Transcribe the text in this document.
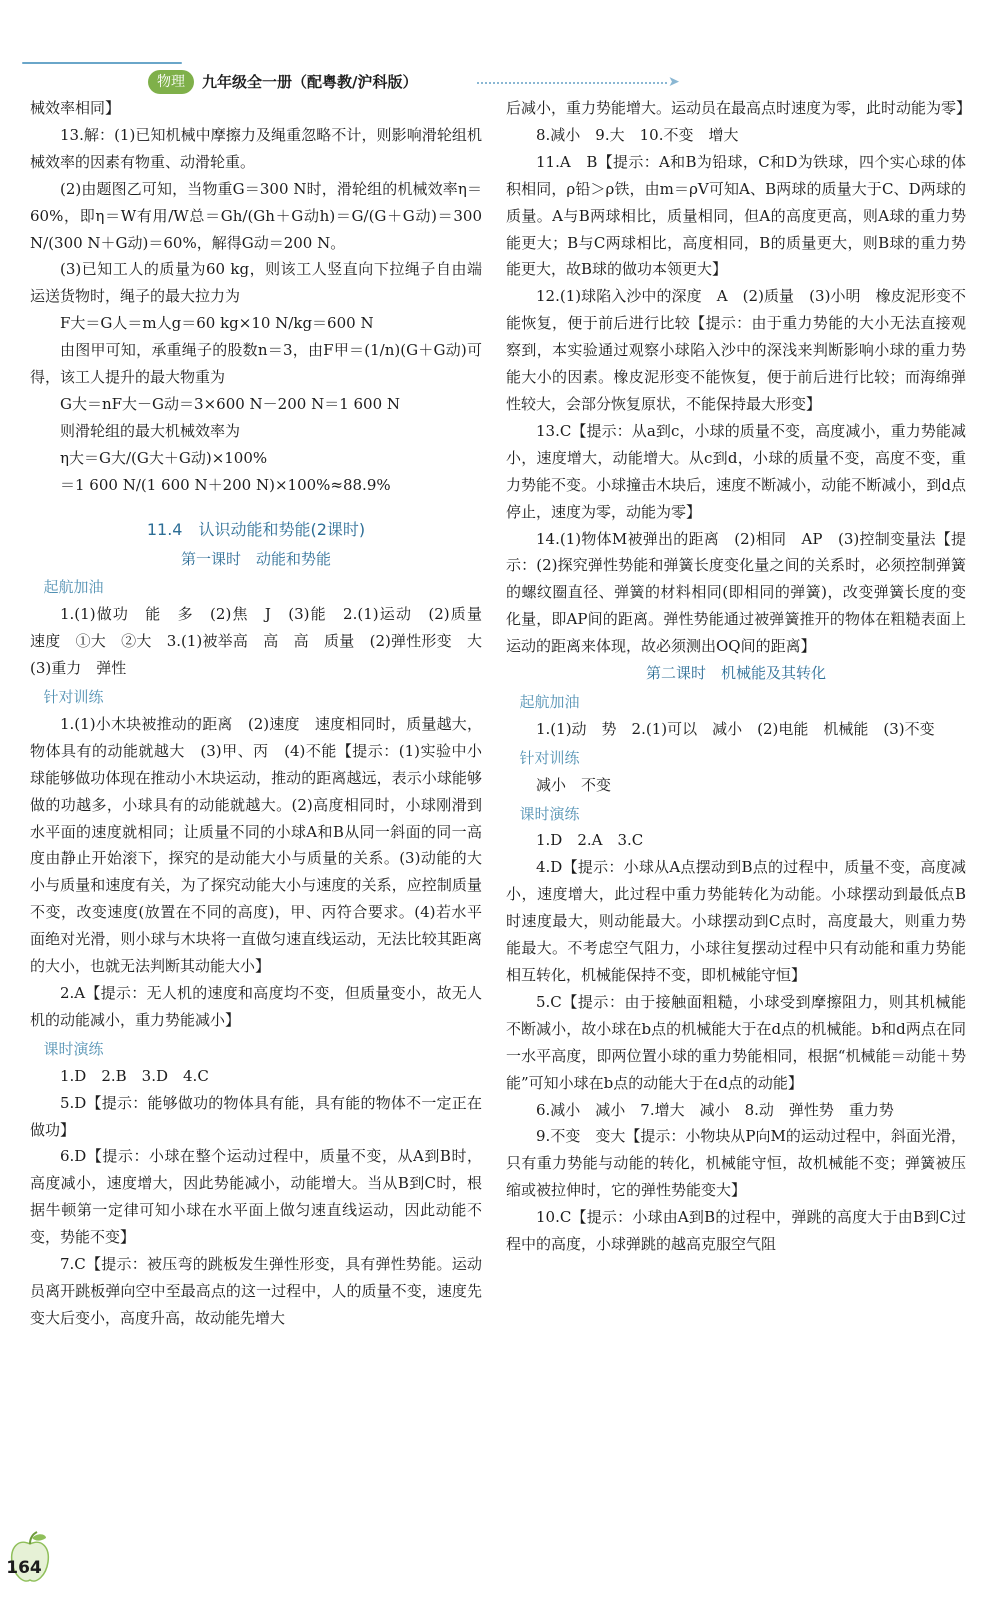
物理	九年级全一册（配粤教/沪科版）	➤

械效率相同】

13.解：(1)已知机械中摩擦力及绳重忽略不计，则影响滑轮组机械效率的因素有物重、动滑轮重。

(2)由题图乙可知，当物重G＝300 N时，滑轮组的机械效率η＝60%，即η＝W有用/W总＝Gh/(Gh＋G动h)＝G/(G＋G动)＝300 N/(300 N＋G动)＝60%，解得G动＝200 N。

(3)已知工人的质量为60 kg，则该工人竖直向下拉绳子自由端运送货物时，绳子的最大拉力为

F大＝G人＝m人g＝60 kg×10 N/kg＝600 N

由图甲可知，承重绳子的股数n＝3，由F甲＝(1/n)(G＋G动)可得，该工人提升的最大物重为

G大＝nF大－G动＝3×600 N－200 N＝1 600 N

则滑轮组的最大机械效率为

η大＝G大/(G大＋G动)×100%

＝1 600 N/(1 600 N＋200 N)×100%≈88.9%

11.4　认识动能和势能(2课时)
第一课时　动能和势能
起航加油

1.(1)做功　能　多　(2)焦　J　(3)能　2.(1)运动　(2)质量　速度　①大　②大　3.(1)被举高　高　高　质量　(2)弹性形变　大　(3)重力　弹性

针对训练

1.(1)小木块被推动的距离　(2)速度　速度相同时，质量越大，物体具有的动能就越大　(3)甲、丙　(4)不能【提示：(1)实验中小球能够做功体现在推动小木块运动，推动的距离越远，表示小球能够做的功越多，小球具有的动能就越大。(2)高度相同时，小球刚滑到水平面的速度就相同；让质量不同的小球A和B从同一斜面的同一高度由静止开始滚下，探究的是动能大小与质量的关系。(3)动能的大小与质量和速度有关，为了探究动能大小与速度的关系，应控制质量不变，改变速度(放置在不同的高度)，甲、丙符合要求。(4)若水平面绝对光滑，则小球与木块将一直做匀速直线运动，无法比较其距离的大小，也就无法判断其动能大小】

2.A【提示：无人机的速度和高度均不变，但质量变小，故无人机的动能减小，重力势能减小】

课时演练

1.D　2.B　3.D　4.C

5.D【提示：能够做功的物体具有能，具有能的物体不一定正在做功】

6.D【提示：小球在整个运动过程中，质量不变，从A到B时，高度减小，速度增大，因此势能减小，动能增大。当从B到C时，根据牛顿第一定律可知小球在水平面上做匀速直线运动，因此动能不变，势能不变】

7.C【提示：被压弯的跳板发生弹性形变，具有弹性势能。运动员离开跳板弹向空中至最高点的这一过程中，人的质量不变，速度先变大后变小，高度升高，故动能先增大

后减小，重力势能增大。运动员在最高点时速度为零，此时动能为零】

8.减小　9.大　10.不变　增大

11.A　B【提示：A和B为铅球，C和D为铁球，四个实心球的体积相同，ρ铅＞ρ铁，由m＝ρV可知A、B两球的质量大于C、D两球的质量。A与B两球相比，质量相同，但A的高度更高，则A球的重力势能更大；B与C两球相比，高度相同，B的质量更大，则B球的重力势能更大，故B球的做功本领更大】

12.(1)球陷入沙中的深度　A　(2)质量　(3)小明　橡皮泥形变不能恢复，便于前后进行比较【提示：由于重力势能的大小无法直接观察到，本实验通过观察小球陷入沙中的深浅来判断影响小球的重力势能大小的因素。橡皮泥形变不能恢复，便于前后进行比较；而海绵弹性较大，会部分恢复原状，不能保持最大形变】

13.C【提示：从a到c，小球的质量不变，高度减小，重力势能减小，速度增大，动能增大。从c到d，小球的质量不变，高度不变，重力势能不变。小球撞击木块后，速度不断减小，动能不断减小，到d点停止，速度为零，动能为零】

14.(1)物体M被弹出的距离　(2)相同　AP　(3)控制变量法【提示：(2)探究弹性势能和弹簧长度变化量之间的关系时，必须控制弹簧的螺纹圈直径、弹簧的材料相同(即相同的弹簧)，改变弹簧长度的变化量，即AP间的距离。弹性势能通过被弹簧推开的物体在粗糙表面上运动的距离来体现，故必须测出OQ间的距离】

第二课时　机械能及其转化
起航加油

1.(1)动　势　2.(1)可以　减小　(2)电能　机械能　(3)不变

针对训练

减小　不变

课时演练

1.D　2.A　3.C

4.D【提示：小球从A点摆动到B点的过程中，质量不变，高度减小，速度增大，此过程中重力势能转化为动能。小球摆动到最低点B时速度最大，则动能最大。小球摆动到C点时，高度最大，则重力势能最大。不考虑空气阻力，小球往复摆动过程中只有动能和重力势能相互转化，机械能保持不变，即机械能守恒】

5.C【提示：由于接触面粗糙，小球受到摩擦阻力，则其机械能不断减小，故小球在b点的机械能大于在d点的机械能。b和d两点在同一水平高度，即两位置小球的重力势能相同，根据“机械能＝动能＋势能”可知小球在b点的动能大于在d点的动能】

6.减小　减小　7.增大　减小　8.动　弹性势　重力势

9.不变　变大【提示：小物块从P向M的运动过程中，斜面光滑，只有重力势能与动能的转化，机械能守恒，故机械能不变；弹簧被压缩或被拉伸时，它的弹性势能变大】

10.C【提示：小球由A到B的过程中，弹跳的高度大于由B到C过程中的高度，小球弹跳的越高克服空气阻

164
